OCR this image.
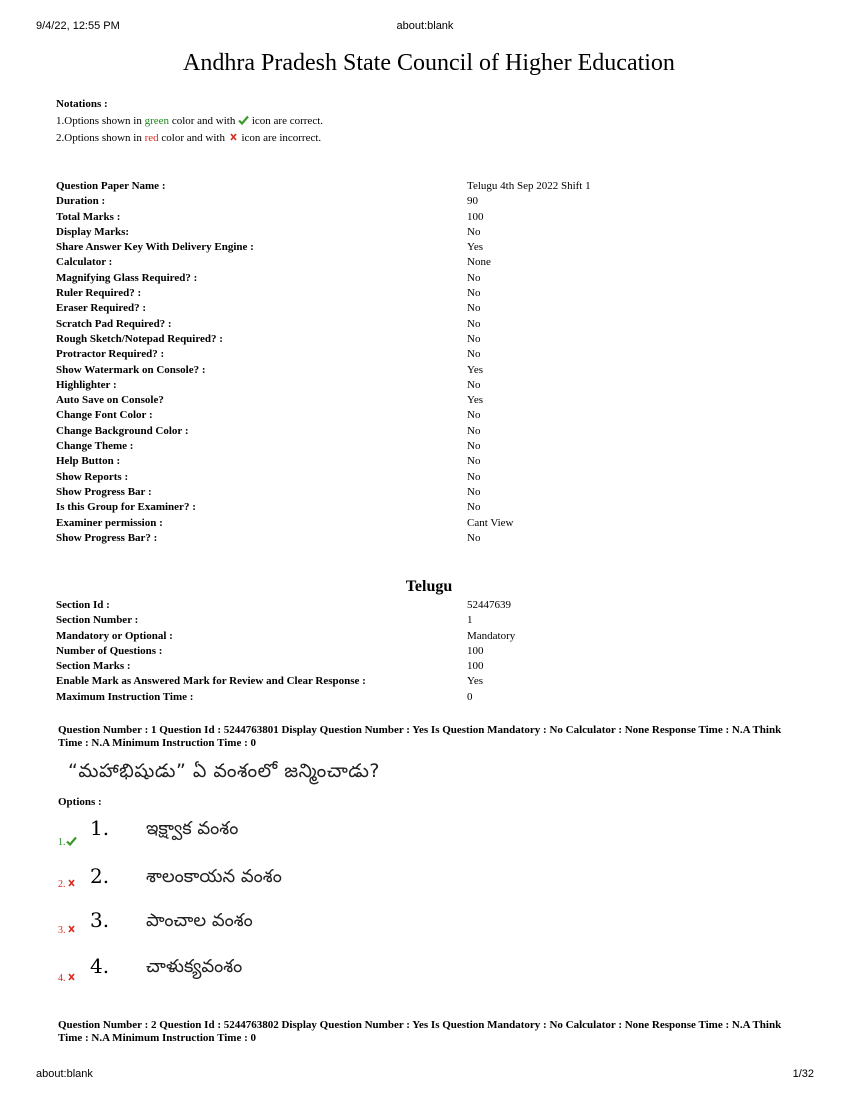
9/4/22, 12:55 PM	about:blank
Andhra Pradesh State Council of Higher Education
Notations :
1.Options shown in green color and with  icon are correct.
2.Options shown in red color and with  icon are incorrect.
Question Paper Name :	Telugu 4th Sep 2022 Shift 1
Duration :	90
Total Marks :	100
Display Marks:	No
Share Answer Key With Delivery Engine :	Yes
Calculator :	None
Magnifying Glass Required? :	No
Ruler Required? :	No
Eraser Required? :	No
Scratch Pad Required? :	No
Rough Sketch/Notepad Required? :	No
Protractor Required? :	No
Show Watermark on Console? :	Yes
Highlighter :	No
Auto Save on Console?	Yes
Change Font Color :	No
Change Background Color :	No
Change Theme :	No
Help Button :	No
Show Reports :	No
Show Progress Bar :	No
Is this Group for Examiner? :	No
Examiner permission :	Cant View
Show Progress Bar? :	No
Telugu
Section Id :	52447639
Section Number :	1
Mandatory or Optional :	Mandatory
Number of Questions :	100
Section Marks :	100
Enable Mark as Answered Mark for Review and Clear Response :	Yes
Maximum Instruction Time :	0
Question Number : 1 Question Id : 5244763801 Display Question Number : Yes Is Question Mandatory : No Calculator : None Response Time : N.A Think Time : N.A Minimum Instruction Time : 0
“మహాభిషుడు” ఏ వంశంలో జన్మించాడు?
Options :
1.
1. ఇక్ష్వాక వంశం
2.	2. శాలంకాయన వంశం
3.	3. పాంచాల వంశం
4.
4. చాళుక్యవంశం
Question Number : 2 Question Id : 5244763802 Display Question Number : Yes Is Question Mandatory : No Calculator : None Response Time : N.A Think Time : N.A Minimum Instruction Time : 0
about:blank	1/32
